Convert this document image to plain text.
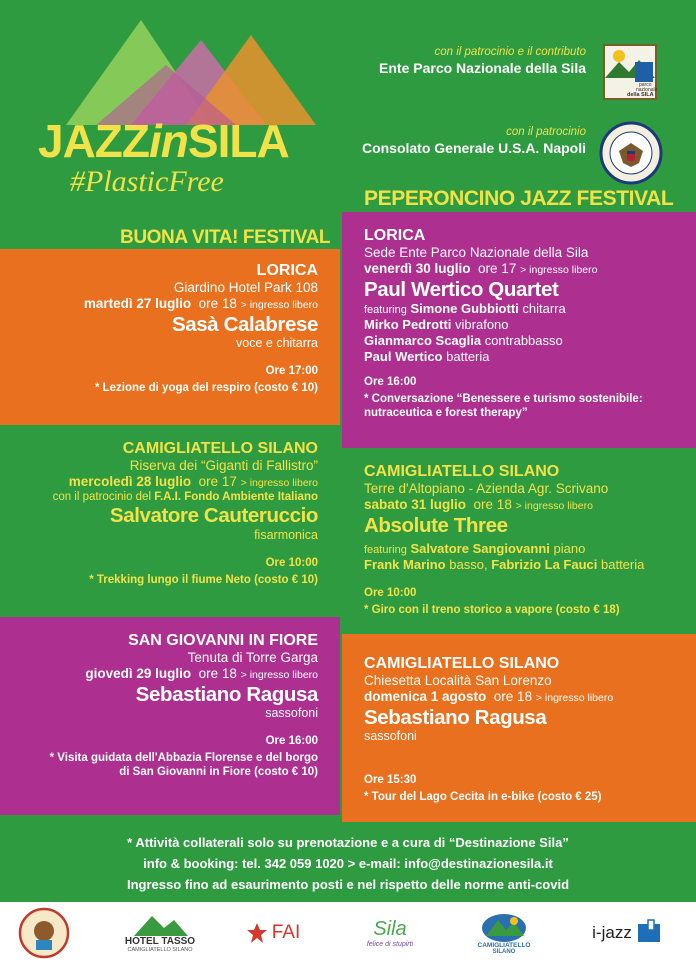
JAZZinSILA
#PlasticFree
con il patrocinio e il contributo
Ente Parco Nazionale della Sila
parco
nazionale
della SILA
con il patrocinio
Consolato Generale U.S.A. Napoli
BUONA VITA! FESTIVAL
PEPERONCINO JAZZ FESTIVAL
LORICA
Giardino Hotel Park 108
martedì 27 luglio ore 18 > ingresso libero
Sasà Calabrese
voce e chitarra
Ore 17:00
* Lezione di yoga del respiro (costo € 10)
CAMIGLIATELLO SILANO
Riserva dei “Giganti di Fallistro”
mercoledì 28 luglio ore 17 > ingresso libero
con il patrocinio del F.A.I. Fondo Ambiente Italiano
Salvatore Cauteruccio
fisarmonica
Ore 10:00
* Trekking lungo il fiume Neto (costo € 10)
SAN GIOVANNI IN FIORE
Tenuta di Torre Garga
giovedì 29 luglio ore 18 > ingresso libero
Sebastiano Ragusa
sassofoni
Ore 16:00
* Visita guidata dell'Abbazia Florense e del borgo
di San Giovanni in Fiore (costo € 10)
LORICA
Sede Ente Parco Nazionale della Sila
venerdì 30 luglio ore 17 > ingresso libero
Paul Wertico Quartet
featuring Simone Gubbiotti chitarra
Mirko Pedrotti vibrafono
Gianmarco Scaglia contrabbasso
Paul Wertico batteria
Ore 16:00
* Conversazione “Benessere e turismo sostenibile:
nutraceutica e forest therapy”
CAMIGLIATELLO SILANO
Terre d'Altopiano - Azienda Agr. Scrivano
sabato 31 luglio ore 18 > ingresso libero
Absolute Three
featuring Salvatore Sangiovanni piano
Frank Marino basso, Fabrizio La Fauci batteria
Ore 10:00
* Giro con il treno storico a vapore (costo € 18)
CAMIGLIATELLO SILANO
Chiesetta Località San Lorenzo
domenica 1 agosto ore 18 > ingresso libero
Sebastiano Ragusa
sassofoni
Ore 15:30
* Tour del Lago Cecita in e-bike (costo € 25)
* Attività collaterali solo su prenotazione e a cura di “Destinazione Sila”
info & booking: tel. 342 059 1020 > e-mail: info@destinazionesila.it
Ingresso fino ad esaurimento posti e nel rispetto delle norme anti-covid
HOTEL TASSO
CAMIGLIATELLO SILANO
FAI	Sila
felice di stupirti	CAMIGLIATELLO
SILANO
i-jazz
